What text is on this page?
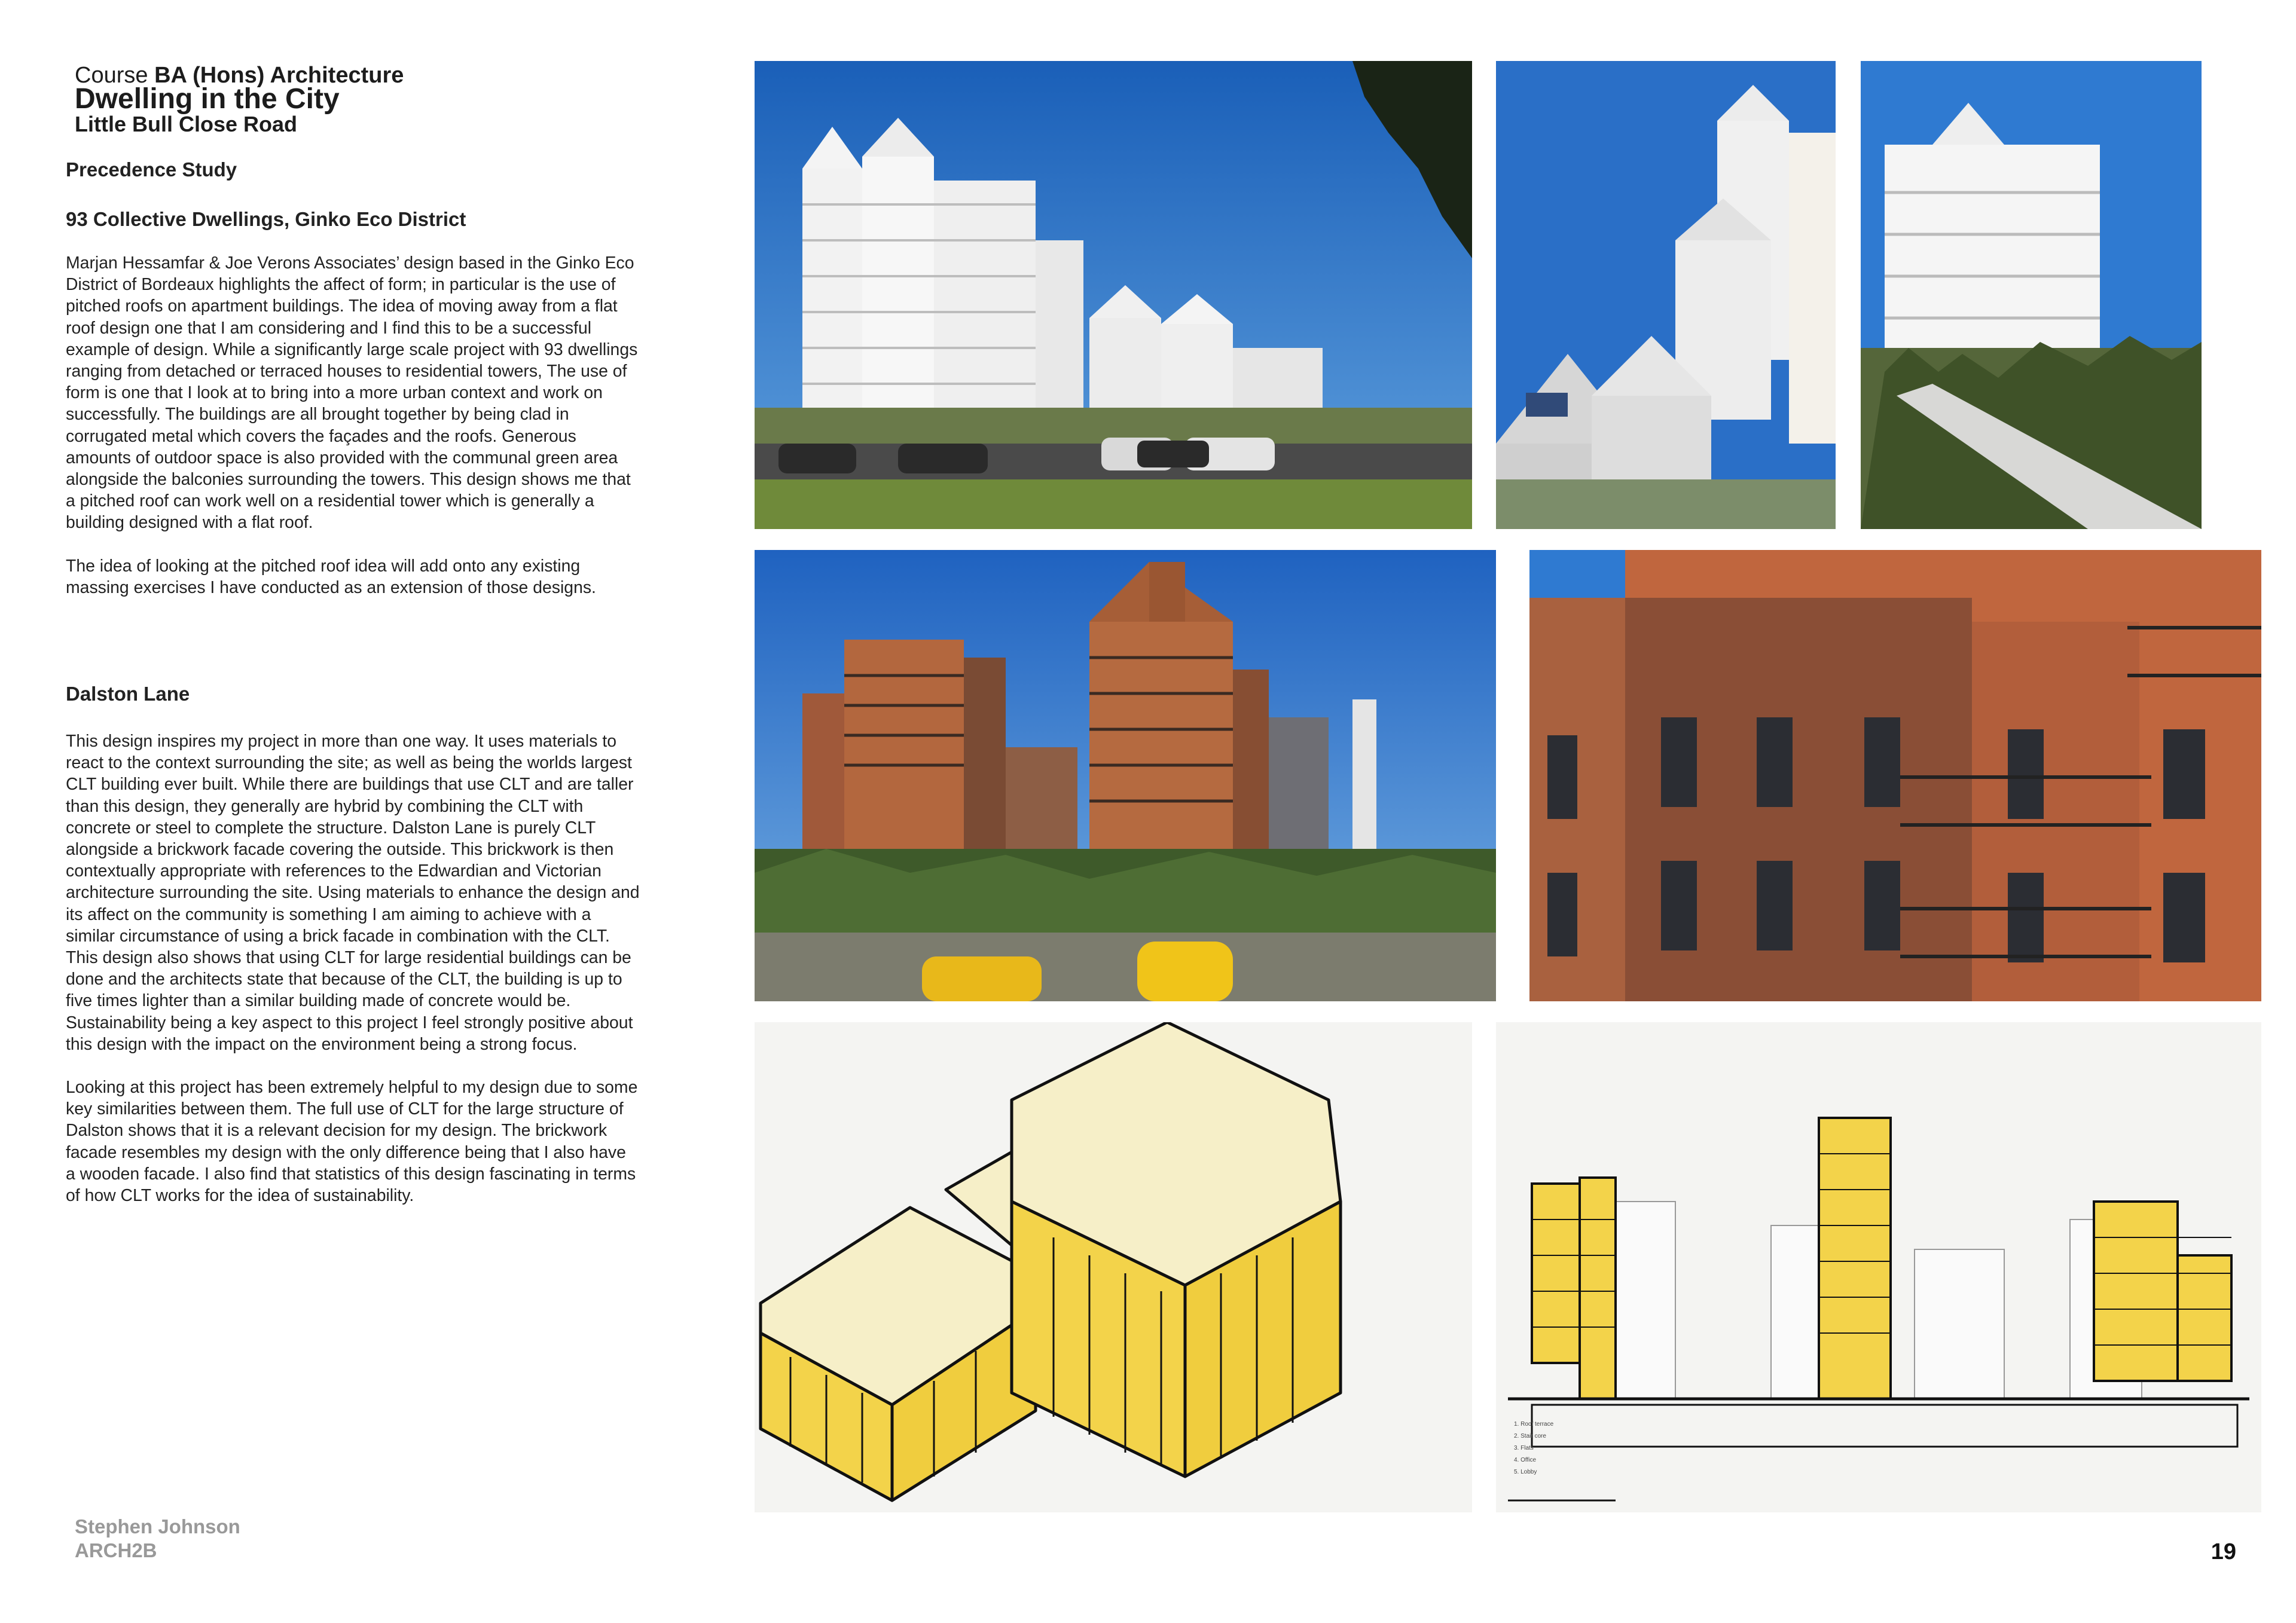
Course BA (Hons) Architecture
Dwelling in the City
Little Bull Close Road
Precedence Study
93 Collective Dwellings, Ginko Eco District

Marjan Hessamfar & Joe Verons Associates’ design based in the Ginko Eco District of Bordeaux highlights the affect of form; in particular is the use of pitched roofs on apartment buildings. The idea of moving away from a flat roof design one that I am considering and I find this to be a successful example of design. While a significantly large scale project with 93 dwellings ranging from detached or terraced houses to residential towers, The use of form is one that I look at to bring into a more urban context and work on successfully. The buildings are all brought together by being clad in corrugated metal which covers the façades and the roofs. Generous amounts of outdoor space is also provided with the communal green area alongside the balconies surrounding the towers. This design shows me that a pitched roof can work well on a residential tower which is generally a building designed with a flat roof.

The idea of looking at the pitched roof idea will add onto any existing massing exercises I have conducted as an extension of those designs.

Dalston Lane

This design inspires my project in more than one way. It uses materials to react to the context surrounding the site; as well as being the worlds largest CLT building ever built. While there are buildings that use CLT and are taller than this design, they generally are hybrid by combining the CLT with concrete or steel to complete the structure. Dalston Lane is purely CLT alongside a brickwork facade covering the outside. This brickwork is then contextually appropriate with references to the Edwardian and Victorian architecture surrounding the site. Using materials to enhance the design and its affect on the community is something I am aiming to achieve with a similar circumstance of using a brick facade in combination with the CLT. This design also shows that using CLT for large residential buildings can be done and the architects state that because of the CLT, the building is up to five times lighter than a similar building made of concrete would be. Sustainability being a key aspect to this project I feel strongly positive about this design with the impact on the environment being a strong focus.

Looking at this project has been extremely helpful to my design due to some key similarities between them. The full use of CLT for the large structure of Dalston shows that it is a relevant decision for my design. The brickwork facade resembles my design with the only difference being that I also have a wooden facade. I also find that statistics of this design fascinating in terms of how CLT works for the idea of sustainability.

Stephen Johnson
ARCH2B	19
1. Roof terrace
2. Stair core
3. Flats
4. Office
5. Lobby
